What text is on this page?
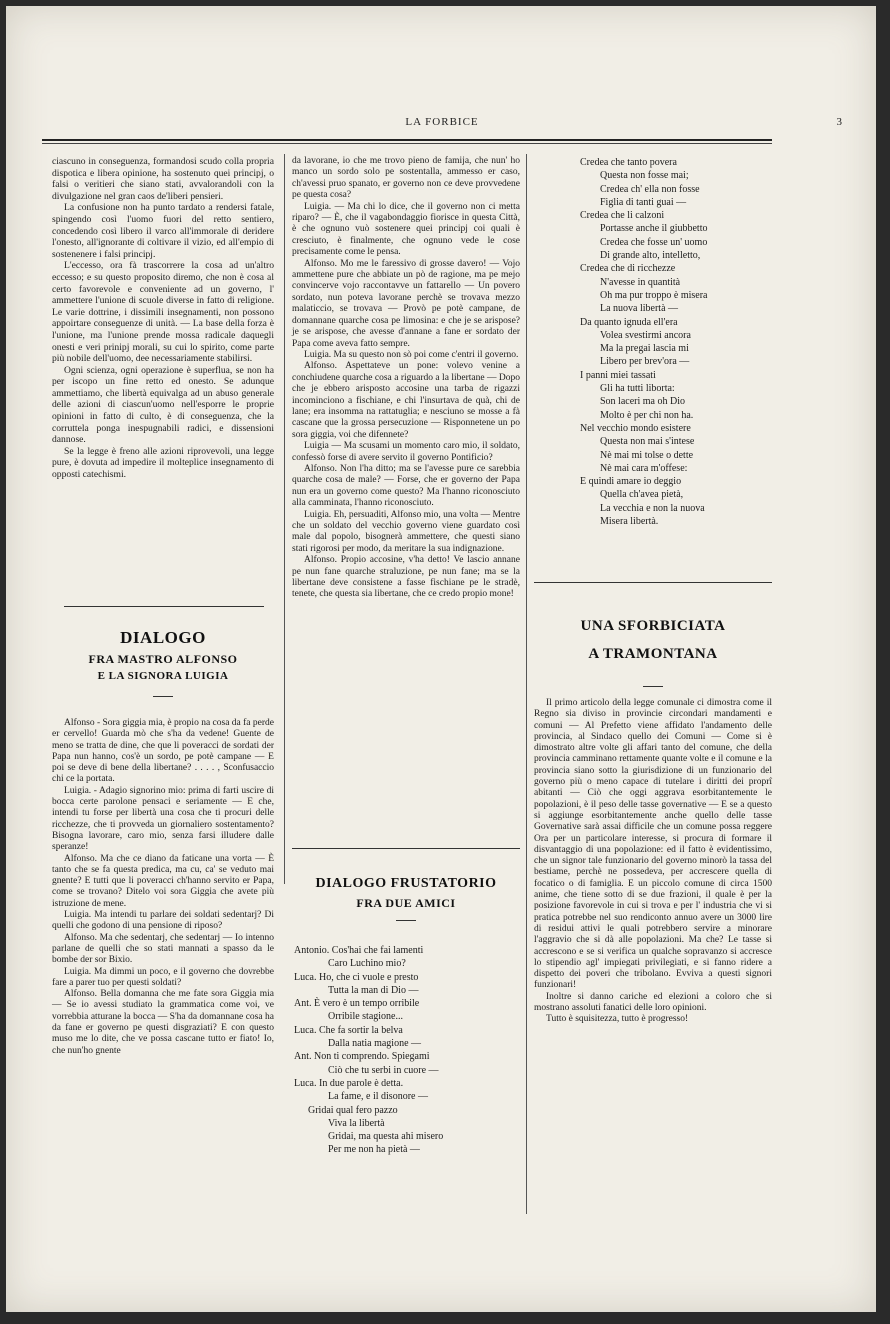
LA FORBICE	3

ciascuno in conseguenza, formandosi scudo colla propria dispotica e libera opinione, ha sostenuto quei principj, o falsi o veritieri che siano stati, avvalorandoli con la divulgazione nel gran caos de'liberi pensieri.

La confusione non ha punto tardato a rendersi fatale, spingendo così l'uomo fuori del retto sentiero, concedendo così libero il varco all'immorale di deridere l'onesto, all'ignorante di coltivare il vizio, ed all'empio di sostenenere i falsi principj.

L'eccesso, ora fà trascorrere la cosa ad un'altro eccesso; e su questo proposito diremo, che non è cosa al certo favorevole e conveniente ad un governo, l' ammettere l'unione di scuole diverse in fatto di religione. Le varie dottrine, i dissimili insegnamenti, non possono appoirtare conseguenze di unità. — La base della forza è l'unione, ma l'unione prende mossa radicale daquegli onesti e veri prinipj morali, su cui lo spirito, come parte più nobile dell'uomo, dee necessariamente stabilirsi.

Ogni scienza, ogni operazione è superflua, se non ha per iscopo un fine retto ed onesto. Se adunque ammettiamo, che libertà equivalga ad un abuso generale delle azioni di ciascun'uomo nell'esporre le proprie opinioni in fatto di culto, è di conseguenza, che la corruttela ponga inespugnabili radici, e dissensioni dannose.

Se la legge è freno alle azioni riprovevoli, una legge pure, è dovuta ad impedire il molteplice insegnamento di opposti catechismi.

DIALOGO
FRA MASTRO ALFONSO
E LA SIGNORA LUIGIA

Alfonso - Sora giggia mia, è propio na cosa da fa perde er cervello! Guarda mò che s'ha da vedene! Guente de meno se tratta de dine, che que li poveracci de sordati der Papa nun hanno, cos'è un sordo, pe potè campane — E poi se deve di bene della libertane? . . . . , Sconfusaccio chi ce la portata.

Luigia. - Adagio signorino mio: prima di farti uscire di bocca certe parolone pensaci e seriamente — E che, intendi tu forse per libertà una cosa che ti procuri delle ricchezze, che ti provveda un giornaliero sostentamento? Bisogna lavorare, caro mio, senza farsi illudere dalle speranze!

Alfonso. Ma che ce diano da faticane una vorta — È tanto che se fa questa predica, ma cu, ca' se veduto mai gnente? E tutti que li poveracci ch'hanno servito er Papa, come se trovano? Ditelo voi sora Giggia che avete più istruzione de mene.

Luigia. Ma intendi tu parlare dei soldati sedentarj? Di quelli che godono di una pensione di riposo?

Alfonso. Ma che sedentarj, che sedentarj — Io intenno parlane de quelli che so stati mannati a spasso da le bombe der sor Bixio.

Luigia. Ma dimmi un poco, e il governo che dovrebbe fare a parer tuo per questi soldati?

Alfonso. Bella domanna che me fate sora Giggia mia — Se io avessi studiato la grammatica come voi, ve vorrebbia atturane la bocca — S'ha da domannane cosa ha da fane er governo pe questi disgraziati? E con questo muso me lo dite, che ve possa cascane tutto er fiato! Io, che nun'ho gnente

da lavorane, io che me trovo pieno de famija, che nun' ho manco un sordo solo pe sostentalla, ammesso er caso, ch'avessi pruo spanato, er governo non ce deve provvedene pe questa cosa?

Luigia. — Ma chi lo dice, che il governo non ci metta riparo? — È, che il vagabondaggio fiorisce in questa Città, è che ognuno vuò sostenere quei principj coi quali è cresciuto, è finalmente, che ognuno vede le cose precisamente come le pensa.

Alfonso. Mo me le faressivo di grosse davero! — Vojo ammettene pure che abbiate un pò de ragione, ma pe mejo convincerve vojo raccontavve un fattarello — Un povero sordato, nun poteva lavorane perchè se trovava mezzo malaticcio, se trovava — Provò pe potè campane, de domannane quarche cosa pe limosina: e che je se arispose? je se arispose, che avesse d'annane a fane er sordato der Papa come aveva fatto sempre.

Luigia. Ma su questo non sò poi come c'entri il governo.

Alfonso. Aspettateve un pone: volevo venine a conchiudene quarche cosa a riguardo a la libertane — Dopo che je ebbero arisposto accosine una tarba de rigazzi incominciono a fischiane, e chi l'insurtava de quà, chi de lane; era insomma na rattatuglia; e nesciuno se mosse a fà cascane que la grossa persecuzione — Risponnetene un po sora giggia, voi che difennete?

Luigia — Ma scusami un momento caro mio, il soldato, confessò forse di avere servito il governo Pontificio?

Alfonso. Non l'ha ditto; ma se l'avesse pure ce sarebbia quarche cosa de male? — Forse, che er governo der Papa nun era un governo come questo? Ma l'hanno riconosciuto alla camminata, l'hanno riconosciuto.

Luigia. Eh, persuaditi, Alfonso mio, una volta — Mentre che un soldato del vecchio governo viene guardato così male dal popolo, bisognerà ammettere, che questi siano stati rigorosi per modo, da meritare la sua indignazione.

Alfonso. Propio accosine, v'ha detto! Ve lascio annane pe nun fane quarche straluzione, pe nun fane; ma se la libertane deve consistene a fasse fischiane pe le stradè, tenete, che questa sia libertane, che ce credo propio mone!

DIALOGO FRUSTATORIO
FRA DUE AMICI
Antonio. Cos'hai che fai lamenti
Caro Luchino mio?
Luca. Ho, che ci vuole e presto
Tutta la man di Dio —
Ant. È vero è un tempo orribile
Orribile stagione...
Luca. Che fa sortir la belva
Dalla natia magione —
Ant. Non ti comprendo. Spiegami
Ciò che tu serbi in cuore —
Luca. In due parole è detta.
La fame, e il disonore —
Gridai qual fero pazzo
Viva la libertà
Gridai, ma questa ahi misero
Per me non ha pietà —
Credea che tanto povera
Questa non fosse mai;
Credea ch' ella non fosse
Figlia di tanti guai —
Credea che li calzoni
Portasse anche il giubbetto
Credea che fosse un' uomo
Di grande alto, intelletto,
Credea che di ricchezze
N'avesse in quantità
Oh ma pur troppo è misera
La nuova libertà —
Da quanto ignuda ell'era
Volea svestirmi ancora
Ma la pregai lascia mi
Libero per brev'ora —
I panni miei tassati
Gli ha tutti liborta:
Son laceri ma oh Dio
Molto è per chi non ha.
Nel vecchio mondo esistere
Questa non mai s'intese
Nè mai mi tolse o dette
Nè mai cara m'offese:
E quindi amare io deggio
Quella ch'avea pietà,
La vecchia e non la nuova
Misera libertà.
UNA SFORBICIATA
A TRAMONTANA

Il primo articolo della legge comunale ci dimostra come il Regno sia diviso in provincie circondari mandamenti e comuni — Al Prefetto viene affidato l'andamento delle provincia, al Sindaco quello dei Comuni — Come si è dimostrato altre volte gli affari tanto del comune, che della provincia camminano rettamente quante volte e il comune e la provincia siano sotto la giurisdizione di un funzionario del governo più o meno capace di tutelare i diritti dei proprî abitanti — Ciò che oggi aggrava esorbitantemente le popolazioni, è il peso delle tasse governative — E se a questo si aggiunge esorbitantemente anche quello delle tasse Governative sarà assai difficile che un comune possa reggere Ora per un particolare interesse, si procura di formare il disvantaggio di una popolazione: ed il fatto è evidentissimo, che un signor tale funzionario del governo minorò la tassa del bestiame, perchè ne possedeva, per accrescere quella di focatico o di famiglia. E un piccolo comune di circa 1500 anime, che tiene sotto di se due frazioni, il quale è per la posizione favorevole in cui si trova e per l' industria che vi si pratica potrebbe nel suo rendiconto annuo avere un 3000 lire di residui attivi le quali potrebbero servire a minorare l'aggravio che si dà alle popolazioni. Ma che? Le tasse si accrescono e se si verifica un qualche sopravanzo si accresce lo stipendio agl' impiegati privilegiati, e si fanno ridere a dispetto dei poveri che tribolano. Evviva a questi signori funzionari!

Inoltre si danno cariche ed elezioni a coloro che si mostrano assoluti fanatici delle loro opinioni.

Tutto è squisitezza, tutto è progresso!
